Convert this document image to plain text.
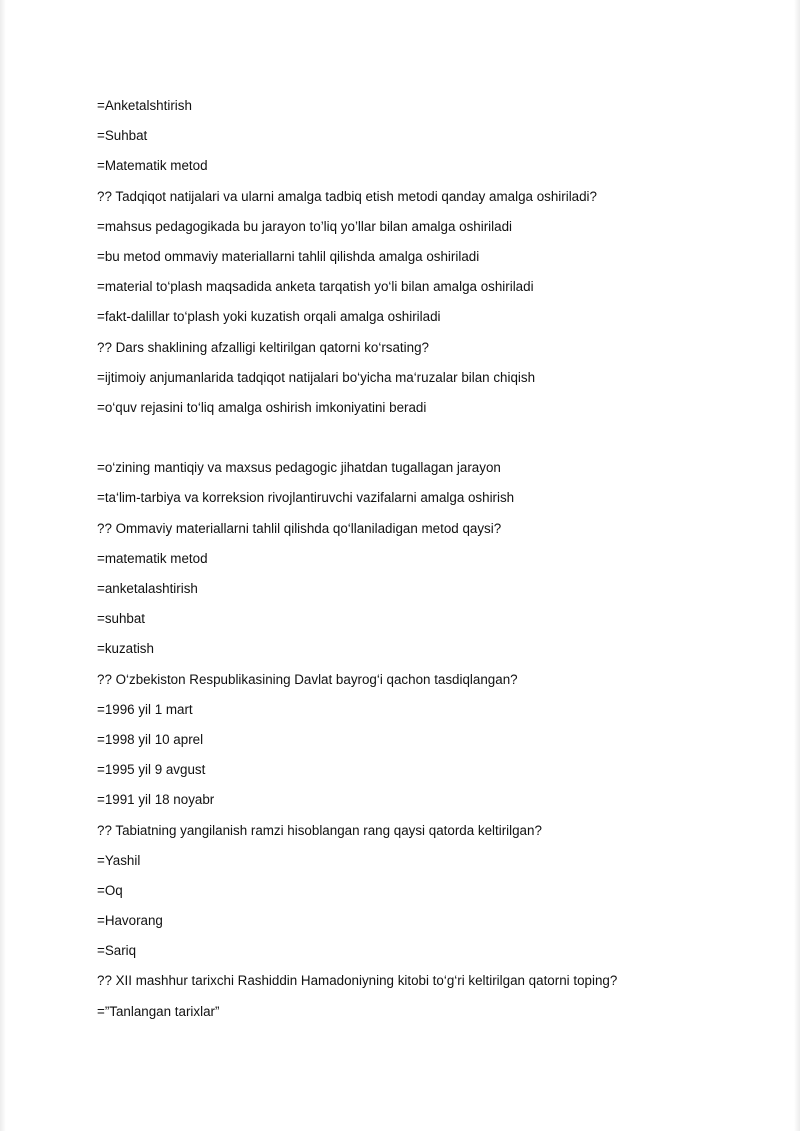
=Anketalshtirish
=Suhbat
=Matematik metod
?? Tadqiqot natijalari va ularni amalga tadbiq etish metodi qanday amalga oshiriladi?
=mahsus pedagogikada bu jarayon to’liq yo’llar bilan amalga oshiriladi
=bu metod ommaviy materiallarni tahlil qilishda amalga oshiriladi
=material to‘plash maqsadida anketa tarqatish yo‘li bilan amalga oshiriladi
=fakt-dalillar to‘plash yoki kuzatish orqali amalga oshiriladi
?? Dars shaklining afzalligi keltirilgan qatorni ko‘rsating?
=ijtimoiy anjumanlarida tadqiqot natijalari bo‘yicha ma‘ruzalar bilan chiqish
=o‘quv rejasini to‘liq amalga oshirish imkoniyatini beradi
=o‘zining mantiqiy va maxsus pedagogic jihatdan tugallagan jarayon
=ta‘lim-tarbiya va korreksion rivojlantiruvchi vazifalarni amalga oshirish
?? Ommaviy materiallarni tahlil qilishda qo‘llaniladigan metod qaysi?
=matematik metod
=anketalashtirish
=suhbat
=kuzatish
?? O‘zbekiston Respublikasining Davlat bayrog‘i qachon tasdiqlangan?
=1996 yil 1 mart
=1998 yil 10 aprel
=1995 yil 9 avgust
=1991 yil 18 noyabr
?? Tabiatning yangilanish ramzi hisoblangan rang qaysi qatorda keltirilgan?
=Yashil
=Oq
=Havorang
=Sariq
?? XII mashhur tarixchi Rashiddin Hamadoniyning kitobi to‘g‘ri keltirilgan qatorni toping?
=”Tanlangan tarixlar”
